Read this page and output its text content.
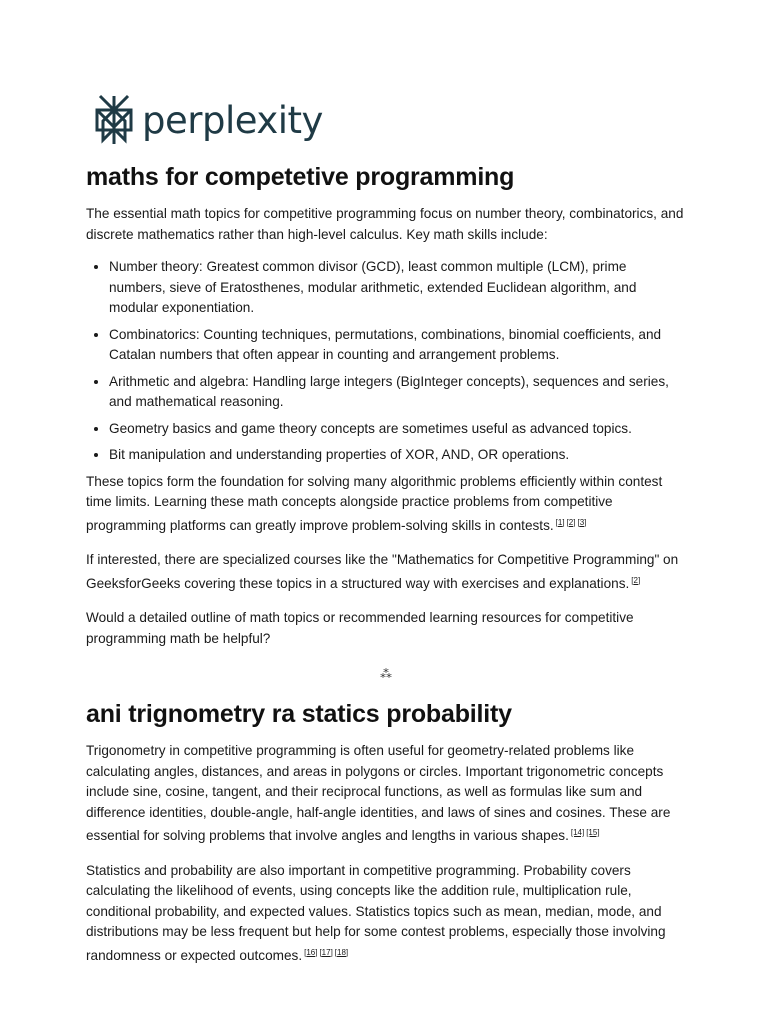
perplexity
maths for competetive programming

The essential math topics for competitive programming focus on number theory, combinatorics, and discrete mathematics rather than high-level calculus. Key math skills include:

• Number theory: Greatest common divisor (GCD), least common multiple (LCM), prime numbers, sieve of Eratosthenes, modular arithmetic, extended Euclidean algorithm, and modular exponentiation.
• Combinatorics: Counting techniques, permutations, combinations, binomial coefficients, and Catalan numbers that often appear in counting and arrangement problems.
• Arithmetic and algebra: Handling large integers (BigInteger concepts), sequences and series, and mathematical reasoning.
• Geometry basics and game theory concepts are sometimes useful as advanced topics.
• Bit manipulation and understanding properties of XOR, AND, OR operations.

These topics form the foundation for solving many algorithmic problems efficiently within contest time limits. Learning these math concepts alongside practice problems from competitive programming platforms can greatly improve problem-solving skills in contests. [1] [2] [3]

If interested, there are specialized courses like the "Mathematics for Competitive Programming" on GeeksforGeeks covering these topics in a structured way with exercises and explanations. [2]

Would a detailed outline of math topics or recommended learning resources for competitive programming math be helpful?

⁂
ani trignometry ra statics probability

Trigonometry in competitive programming is often useful for geometry-related problems like calculating angles, distances, and areas in polygons or circles. Important trigonometric concepts include sine, cosine, tangent, and their reciprocal functions, as well as formulas like sum and difference identities, double-angle, half-angle identities, and laws of sines and cosines. These are essential for solving problems that involve angles and lengths in various shapes. [14] [15]

Statistics and probability are also important in competitive programming. Probability covers calculating the likelihood of events, using concepts like the addition rule, multiplication rule, conditional probability, and expected values. Statistics topics such as mean, median, mode, and distributions may be less frequent but help for some contest problems, especially those involving randomness or expected outcomes. [16] [17] [18]
